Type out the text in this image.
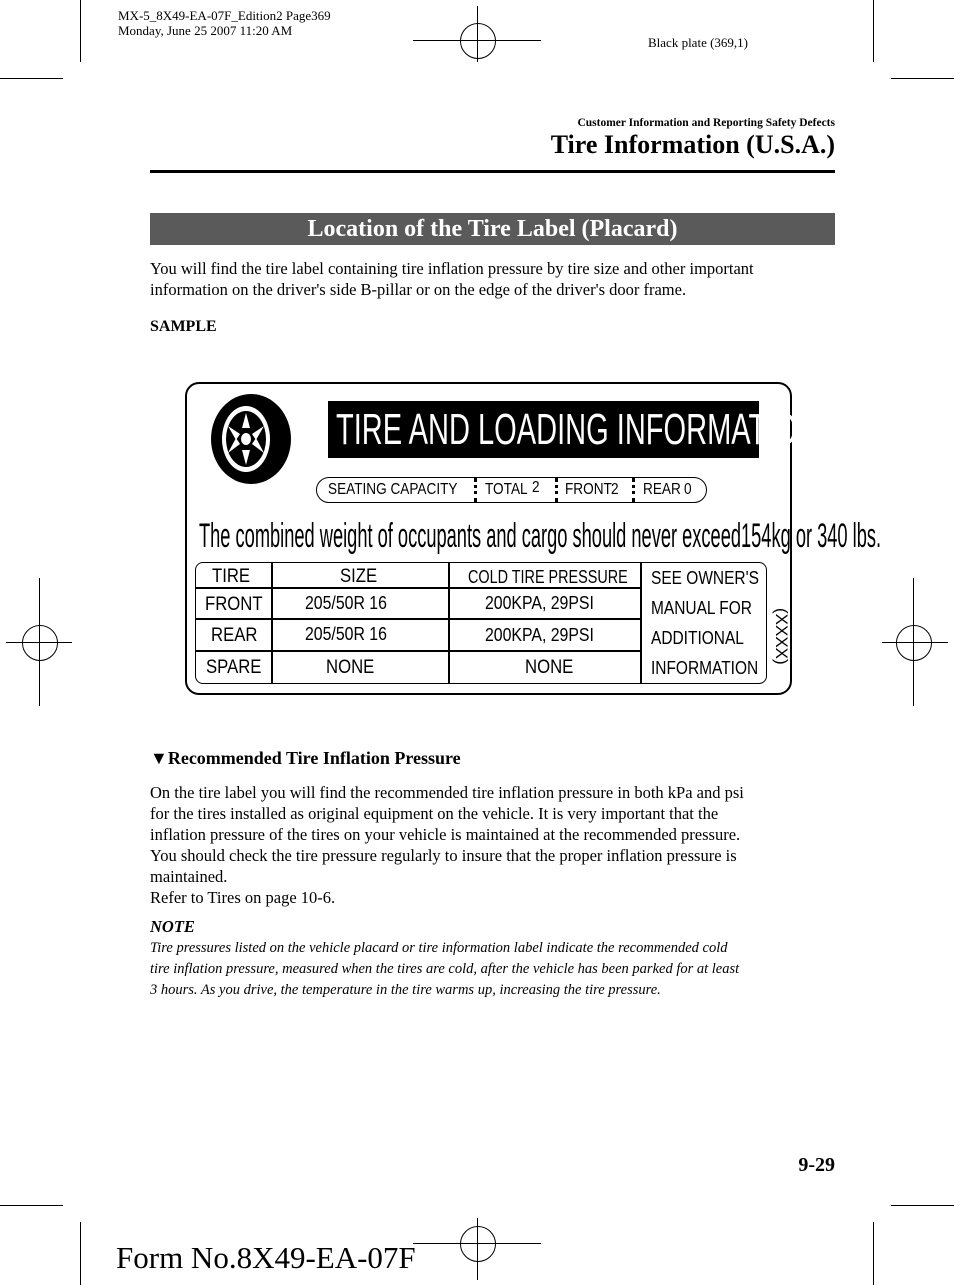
MX-5_8X49-EA-07F_Edition2 Page369
Monday, June 25 2007 11:20 AM
Black plate (369,1)
Customer Information and Reporting Safety Defects
Tire Information (U.S.A.)
Location of the Tire Label (Placard)
You will find the tire label containing tire inflation pressure by tire size and other important
information on the driver's side B-pillar or on the edge of the driver's door frame.
SAMPLE
TIRE AND LOADING INFORMATION
SEATING CAPACITY TOTAL 2 FRONT 2 REAR 0
The combined weight of occupants and cargo should never exceed154kg or 340 lbs.
TIRE	SIZE	COLD TIRE PRESSURE
FRONT 205/50R 16	200KPA, 29PSI
REAR	205/50R 16	200KPA, 29PSI
SPARE	NONE	NONE
SEE OWNER'S
MANUAL FOR
ADDITIONAL
INFORMATION
(XXXX)
▼Recommended Tire Inflation Pressure
On the tire label you will find the recommended tire inflation pressure in both kPa and psi
for the tires installed as original equipment on the vehicle. It is very important that the
inflation pressure of the tires on your vehicle is maintained at the recommended pressure.
You should check the tire pressure regularly to insure that the proper inflation pressure is
maintained.
Refer to Tires on page 10-6.
NOTE
Tire pressures listed on the vehicle placard or tire information label indicate the recommended cold
tire inflation pressure, measured when the tires are cold, after the vehicle has been parked for at least
3 hours. As you drive, the temperature in the tire warms up, increasing the tire pressure.
9-29
Form No.8X49-EA-07F
